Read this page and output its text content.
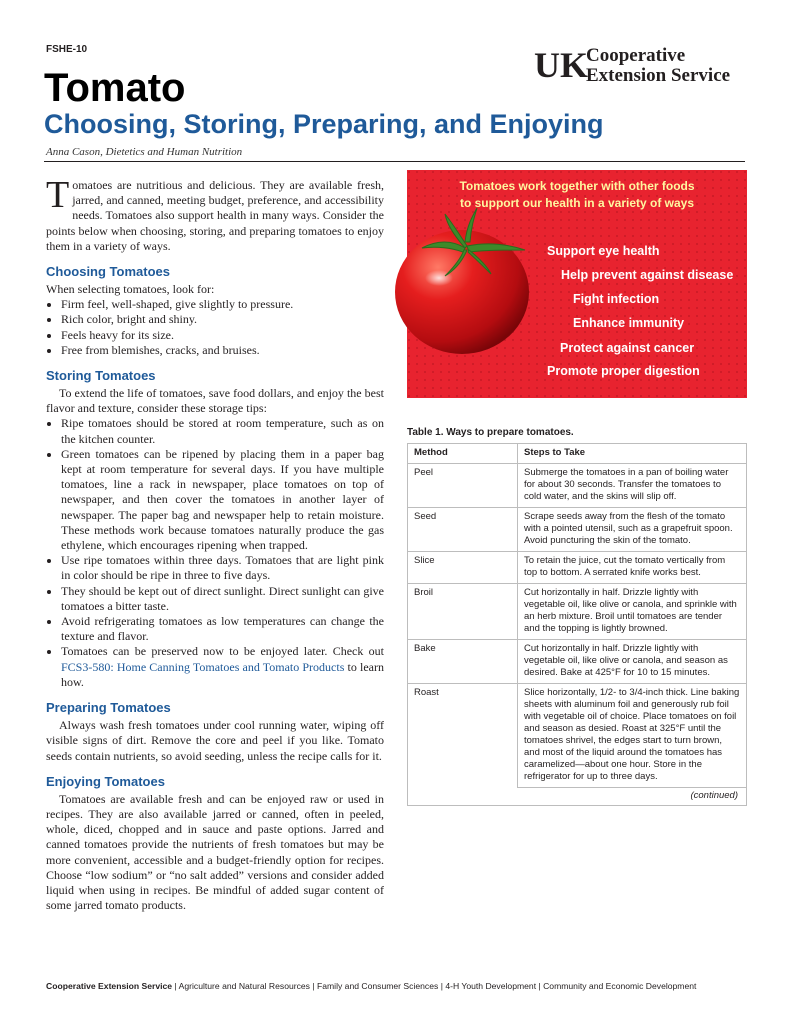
FSHE-10	UK
Cooperative
Extension Service
Tomato
Choosing, Storing, Preparing, and Enjoying
Anna Cason, Dietetics and Human Nutrition

Tomatoes are nutritious and delicious. They are available fresh, jarred, and canned, meeting budget, preference, and accessibility needs. Tomatoes also support health in many ways. Consider the points below when choosing, storing, and preparing tomatoes to enjoy them in a variety of ways.

Choosing Tomatoes

When selecting tomatoes, look for:

• Firm feel, well-shaped, give slightly to pressure.
• Rich color, bright and shiny.
• Feels heavy for its size.
• Free from blemishes, cracks, and bruises.
Storing Tomatoes

To extend the life of tomatoes, save food dollars, and enjoy the best flavor and texture, consider these storage tips:

• Ripe tomatoes should be stored at room temperature, such as on the kitchen counter.
• Green tomatoes can be ripened by placing them in a paper bag kept at room temperature for several days. If you have multiple tomatoes, line a rack in newspaper, place tomatoes on top of newspaper, and then cover the tomatoes in another layer of newspaper. The paper bag and newspaper help to retain moisture. These methods work because tomatoes naturally produce the gas ethylene, which encourages ripening when trapped.
• Use ripe tomatoes within three days. Tomatoes that are light pink in color should be ripe in three to five days.
• They should be kept out of direct sunlight. Direct sunlight can give tomatoes a bitter taste.
• Avoid refrigerating tomatoes as low temperatures can change the texture and flavor.
• Tomatoes can be preserved now to be enjoyed later. Check out FCS3-580: Home Canning Tomatoes and Tomato Products to learn how.
Preparing Tomatoes

Always wash fresh tomatoes under cool running water, wiping off visible signs of dirt. Remove the core and peel if you like. Tomato seeds contain nutrients, so avoid seeding, unless the recipe calls for it.

Enjoying Tomatoes

Tomatoes are available fresh and can be enjoyed raw or used in recipes. They are also available jarred or canned, often in peeled, whole, diced, chopped and in sauce and paste options. Jarred and canned tomatoes provide the nutrients of fresh tomatoes but may be more convenient, accessible and a budget-friendly option for recipes. Choose “low sodium” or “no salt added” versions and consider added liquid when using in recipes. Be mindful of added sugar content of some jarred tomato products.

Tomatoes work together with other foods
to support our health in a variety of ways
Support eye health
Help prevent against disease
Fight infection
Enhance immunity
Protect against cancer
Promote proper digestion
Table 1. Ways to prepare tomatoes.
Method	Steps to Take
Peel	Submerge the tomatoes in a pan of boiling water for about 30 seconds. Transfer the tomatoes to cold water, and the skins will slip off.
Seed	Scrape seeds away from the flesh of the tomato with a pointed utensil, such as a grapefruit spoon. Avoid puncturing the skin of the tomato.
Slice	To retain the juice, cut the tomato vertically from top to bottom. A serrated knife works best.
Broil	Cut horizontally in half. Drizzle lightly with vegetable oil, like olive or canola, and sprinkle with an herb mixture. Broil until tomatoes are tender and the topping is lightly browned.
Bake	Cut horizontally in half. Drizzle lightly with vegetable oil, like olive or canola, and season as desired. Bake at 425°F for 10 to 15 minutes.
Roast	Slice horizontally, 1/2- to 3/4-inch thick. Line baking sheets with aluminum foil and generously rub foil with vegetable oil of choice. Place tomatoes on foil and season as desied. Roast at 325°F until the tomatoes shrivel, the edges start to turn brown, and most of the liquid around the tomatoes has caramelized—about one hour. Store in the refrigerator for up to three days.
(continued)	
Cooperative Extension Service | Agriculture and Natural Resources | Family and Consumer Sciences | 4-H Youth Development | Community and Economic Development
